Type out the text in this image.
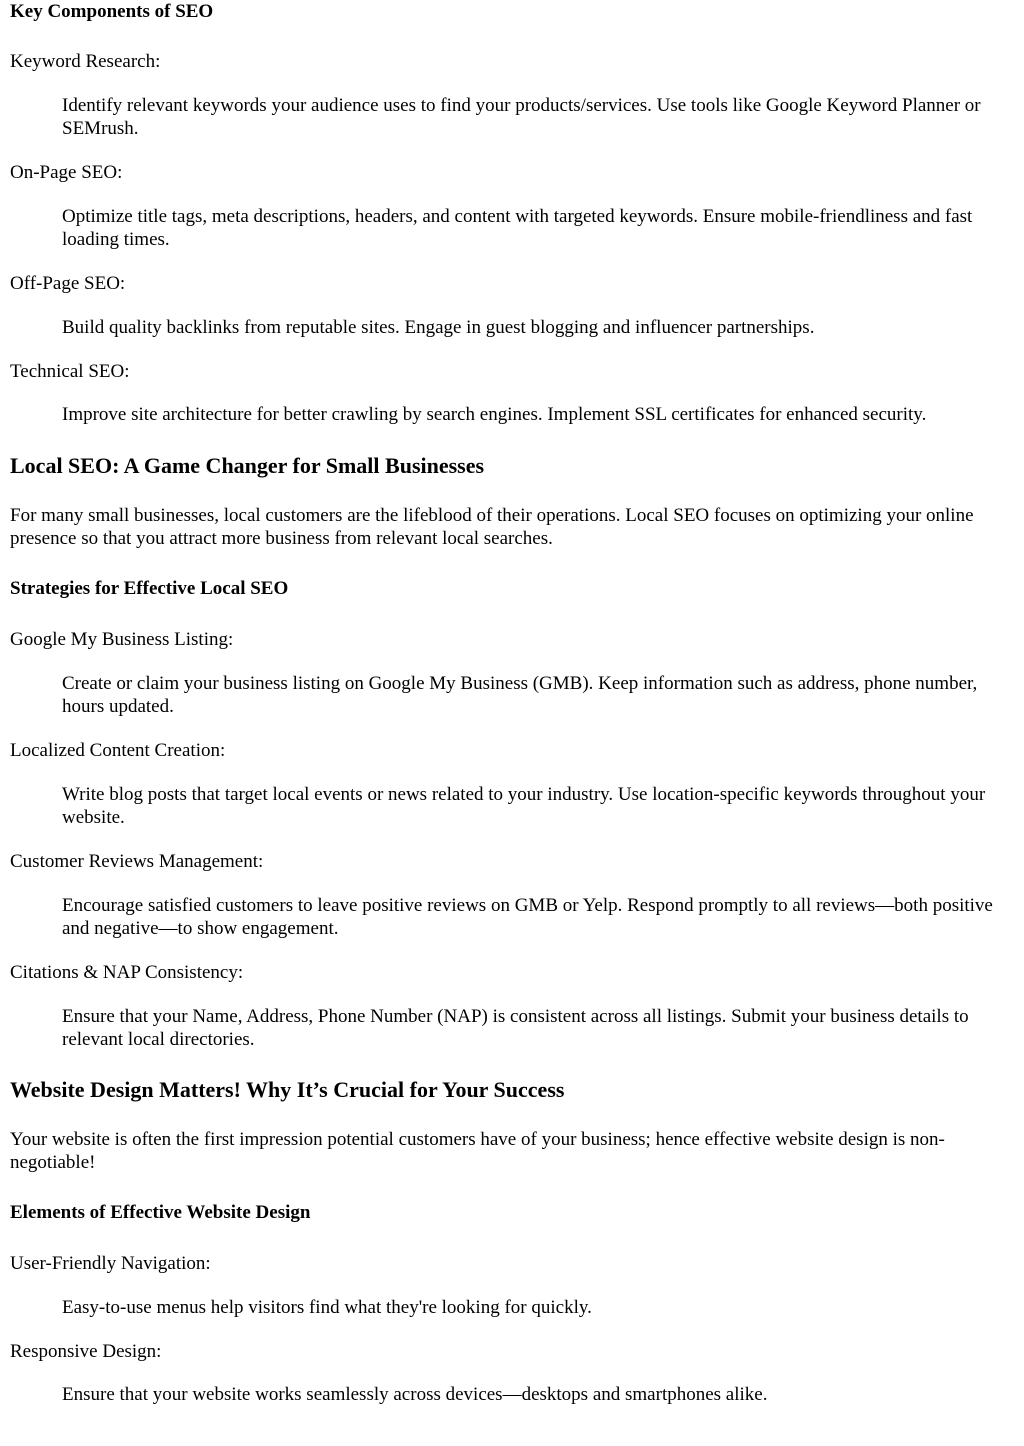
Key Components of SEO
Keyword Research:
Identify relevant keywords your audience uses to find your products/services. Use tools like Google Keyword Planner or SEMrush.
On-Page SEO:
Optimize title tags, meta descriptions, headers, and content with targeted keywords. Ensure mobile-friendliness and fast loading times.
Off-Page SEO:
Build quality backlinks from reputable sites. Engage in guest blogging and influencer partnerships.
Technical SEO:
Improve site architecture for better crawling by search engines. Implement SSL certificates for enhanced security.
Local SEO: A Game Changer for Small Businesses
For many small businesses, local customers are the lifeblood of their operations. Local SEO focuses on optimizing your online presence so that you attract more business from relevant local searches.
Strategies for Effective Local SEO
Google My Business Listing:
Create or claim your business listing on Google My Business (GMB). Keep information such as address, phone number, hours updated.
Localized Content Creation:
Write blog posts that target local events or news related to your industry. Use location-specific keywords throughout your website.
Customer Reviews Management:
Encourage satisfied customers to leave positive reviews on GMB or Yelp. Respond promptly to all reviews—both positive and negative—to show engagement.
Citations & NAP Consistency:
Ensure that your Name, Address, Phone Number (NAP) is consistent across all listings. Submit your business details to relevant local directories.
Website Design Matters! Why It’s Crucial for Your Success
Your website is often the first impression potential customers have of your business; hence effective website design is non-negotiable!
Elements of Effective Website Design
User-Friendly Navigation:
Easy-to-use menus help visitors find what they're looking for quickly.
Responsive Design:
Ensure that your website works seamlessly across devices—desktops and smartphones alike.
